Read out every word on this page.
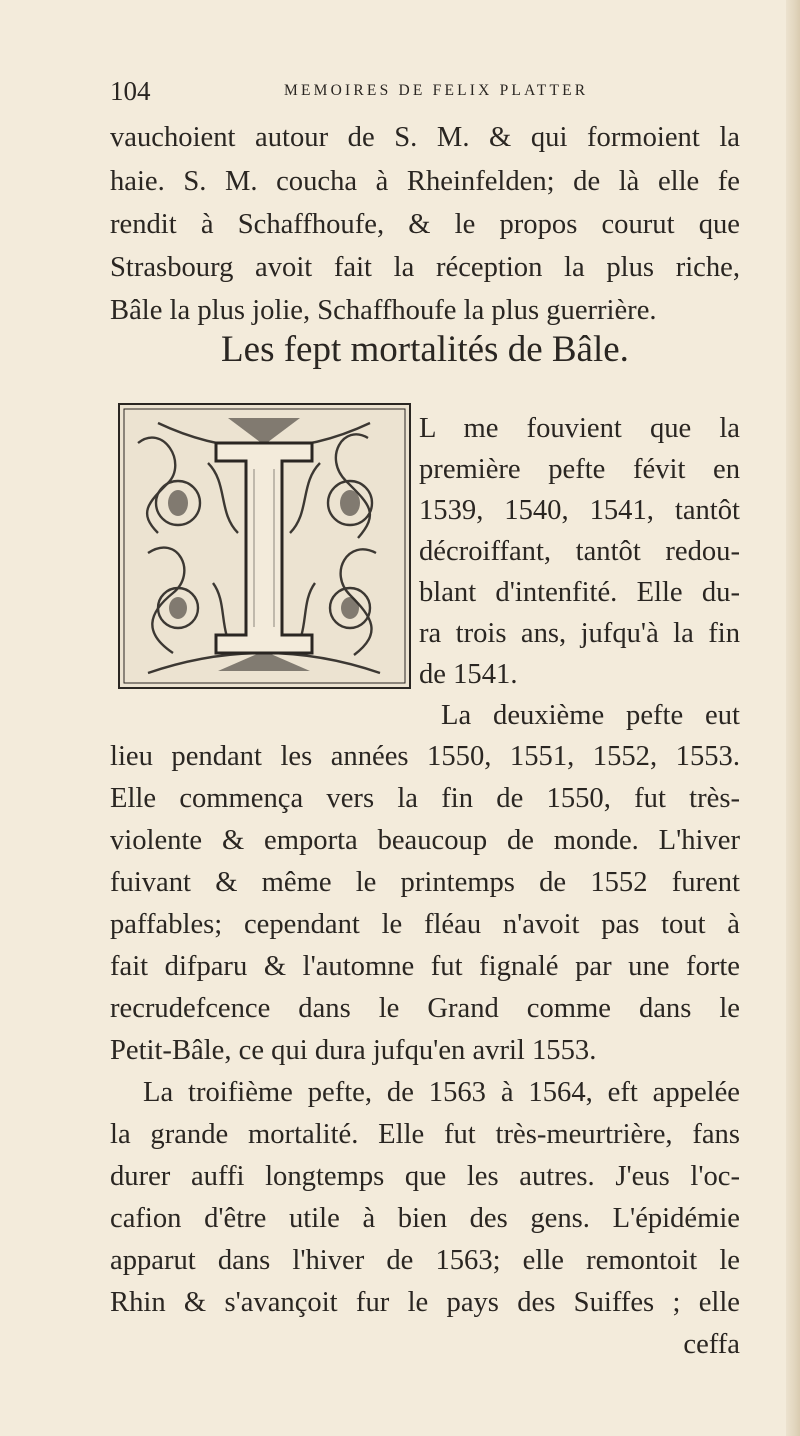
104	MEMOIRES DE FELIX PLATTER
vauchoient autour de S. M. & qui formoient la
haie. S. M. coucha à Rheinfelden; de là elle fe
rendit à Schaffhoufe, & le propos courut que
Strasbourg avoit fait la réception la plus riche,
Bâle la plus jolie, Schaffhoufe la plus guerrière.
Les fept mortalités de Bâle.
L me fouvient que la
première pefte févit en
1539, 1540, 1541, tantôt
décroiffant, tantôt redou-
blant d'intenfité. Elle du-
ra trois ans, jufqu'à la fin
de 1541.
La deuxième pefte eut
lieu pendant les années 1550, 1551, 1552, 1553.
Elle commença vers la fin de 1550, fut très-
violente & emporta beaucoup de monde. L'hiver
fuivant & même le printemps de 1552 furent
paffables; cependant le fléau n'avoit pas tout à
fait difparu & l'automne fut fignalé par une forte
recrudefcence dans le Grand comme dans le
Petit-Bâle, ce qui dura jufqu'en avril 1553.
La troifième pefte, de 1563 à 1564, eft appelée
la grande mortalité. Elle fut très-meurtrière, fans
durer auffi longtemps que les autres. J'eus l'oc-
cafion d'être utile à bien des gens. L'épidémie
apparut dans l'hiver de 1563; elle remontoit le
Rhin & s'avançoit fur le pays des Suiffes ; elle
ceffa
